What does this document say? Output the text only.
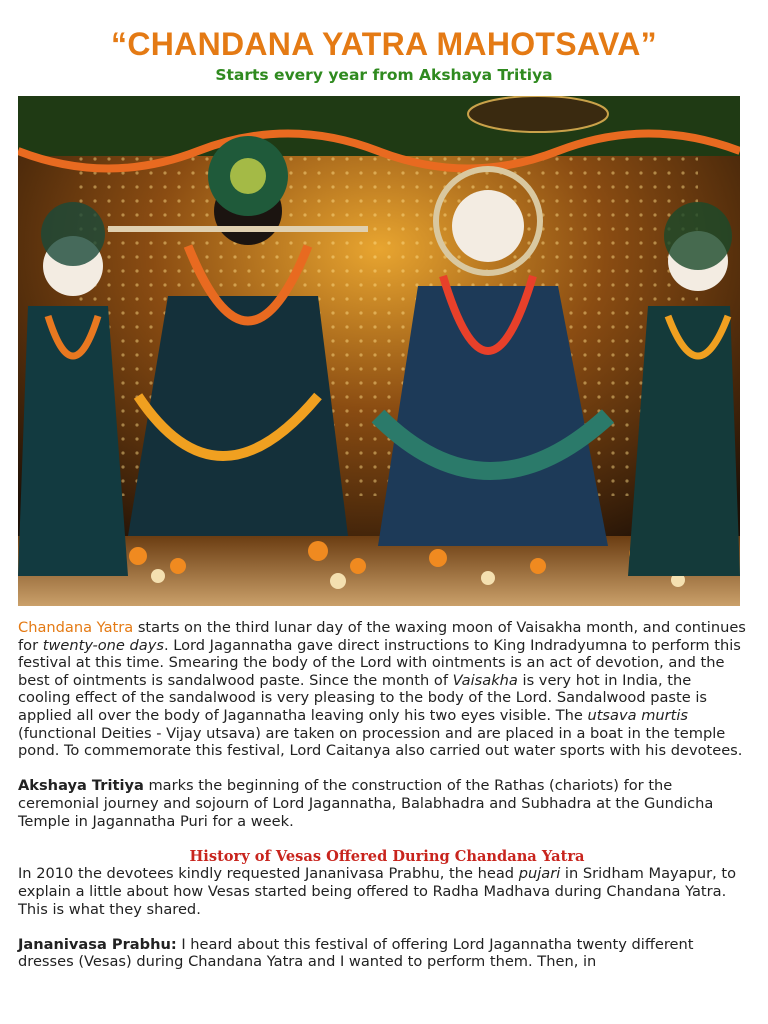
“CHANDANA YATRA MAHOTSAVA”
Starts every year from Akshaya Tritiya

Chandana Yatra starts on the third lunar day of the waxing moon of Vaisakha month, and continues for twenty-one days. Lord Jagannatha gave direct instructions to King Indradyumna to perform this festival at this time. Smearing the body of the Lord with ointments is an act of devotion, and the best of ointments is sandalwood paste. Since the month of Vaisakha is very hot in India, the cooling effect of the sandalwood is very pleasing to the body of the Lord. Sandalwood paste is applied all over the body of Jagannatha leaving only his two eyes visible. The utsava murtis (functional Deities - Vijay utsava) are taken on procession and are placed in a boat in the temple pond. To commemorate this festival, Lord Caitanya also carried out water sports with his devotees.

Akshaya Tritiya marks the beginning of the construction of the Rathas (chariots) for the ceremonial journey and sojourn of Lord Jagannatha, Balabhadra and Subhadra at the Gundicha Temple in Jagannatha Puri for a week.

History of Vesas Offered During Chandana Yatra

In 2010 the devotees kindly requested Jananivasa Prabhu, the head pujari in Sridham Mayapur, to explain a little about how Vesas started being offered to Radha Madhava during Chandana Yatra. This is what they shared.

Jananivasa Prabhu: I heard about this festival of offering Lord Jagannatha twenty different dresses (Vesas) during Chandana Yatra and I wanted to perform them. Then, in
